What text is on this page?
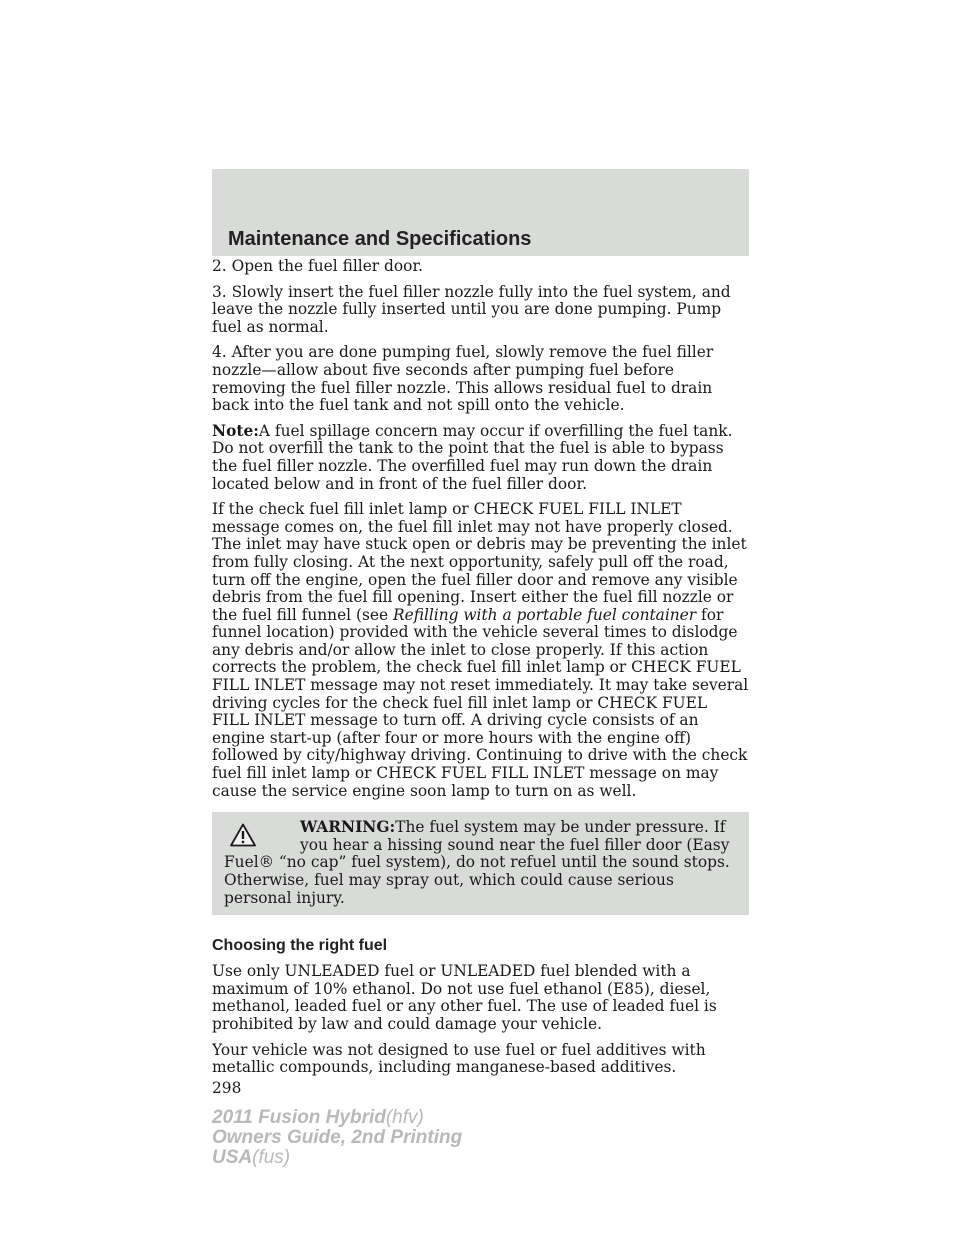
Maintenance and Specifications

2. Open the fuel filler door.

3. Slowly insert the fuel filler nozzle fully into the fuel system, and leave the nozzle fully inserted until you are done pumping. Pump fuel as normal.

4. After you are done pumping fuel, slowly remove the fuel filler nozzle—allow about five seconds after pumping fuel before removing the fuel filler nozzle. This allows residual fuel to drain back into the fuel tank and not spill onto the vehicle.

Note:A fuel spillage concern may occur if overfilling the fuel tank. Do not overfill the tank to the point that the fuel is able to bypass the fuel filler nozzle. The overfilled fuel may run down the drain located below and in front of the fuel filler door.

If the check fuel fill inlet lamp or CHECK FUEL FILL INLET message comes on, the fuel fill inlet may not have properly closed. The inlet may have stuck open or debris may be preventing the inlet from fully closing. At the next opportunity, safely pull off the road, turn off the engine, open the fuel filler door and remove any visible debris from the fuel fill opening. Insert either the fuel fill nozzle or the fuel fill funnel (see Refilling with a portable fuel container for funnel location) provided with the vehicle several times to dislodge any debris and/or allow the inlet to close properly. If this action corrects the problem, the check fuel fill inlet lamp or CHECK FUEL FILL INLET message may not reset immediately. It may take several driving cycles for the check fuel fill inlet lamp or CHECK FUEL FILL INLET message to turn off. A driving cycle consists of an engine start-up (after four or more hours with the engine off) followed by city/highway driving. Continuing to drive with the check fuel fill inlet lamp or CHECK FUEL FILL INLET message on may cause the service engine soon lamp to turn on as well.

WARNING:The fuel system may be under pressure. If you hear a hissing sound near the fuel filler door (Easy Fuel® “no cap” fuel system), do not refuel until the sound stops. Otherwise, fuel may spray out, which could cause serious personal injury.

Choosing the right fuel

Use only UNLEADED fuel or UNLEADED fuel blended with a maximum of 10% ethanol. Do not use fuel ethanol (E85), diesel, methanol, leaded fuel or any other fuel. The use of leaded fuel is prohibited by law and could damage your vehicle.

Your vehicle was not designed to use fuel or fuel additives with metallic compounds, including manganese-based additives.

298
2011 Fusion Hybrid(hfv)
Owners Guide, 2nd Printing
USA(fus)
